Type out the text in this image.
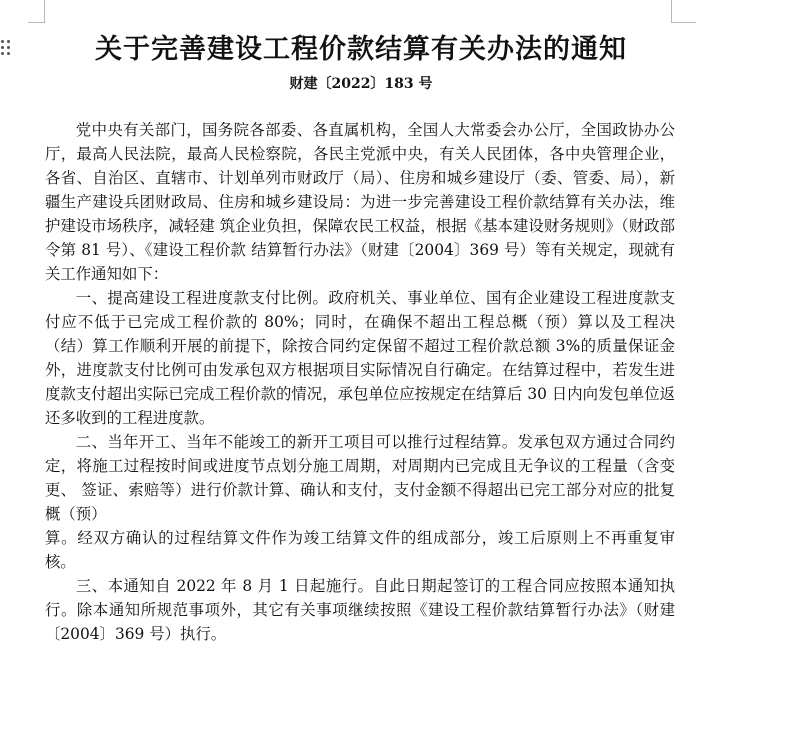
关于完善建设工程价款结算有关办法的通知
财建〔2022〕183 号

党中央有关部门，国务院各部委、各直属机构，全国人大常委会办公厅，全国政协办公厅，最高人民法院，最高人民检察院，各民主党派中央，有关人民团体，各中央管理企业，各省、自治区、直辖市、计划单列市财政厅（局）、住房和城乡建设厅（委、管委、局），新疆生产建设兵团财政局、住房和城乡建设局：为进一步完善建设工程价款结算有关办法，维护建设市场秩序，减轻建 筑企业负担，保障农民工权益，根据《基本建设财务规则》（财政部令第 81 号）、《建设工程价款 结算暂行办法》（财建〔2004〕369 号）等有关规定，现就有关工作通知如下：

一、提高建设工程进度款支付比例。政府机关、事业单位、国有企业建设工程进度款支付应不低于已完成工程价款的 80%；同时，在确保不超出工程总概（预）算以及工程决（结）算工作顺利开展的前提下，除按合同约定保留不超过工程价款总额 3%的质量保证金外，进度款支付比例可由发承包双方根据项目实际情况自行确定。在结算过程中，若发生进度款支付超出实际已完成工程价款的情况，承包单位应按规定在结算后 30 日内向发包单位返还多收到的工程进度款。

二、当年开工、当年不能竣工的新开工项目可以推行过程结算。发承包双方通过合同约定，将施工过程按时间或进度节点划分施工周期，对周期内已完成且无争议的工程量（含变更、 签证、索赔等）进行价款计算、确认和支付，支付金额不得超出已完工部分对应的批复概（预）

算。经双方确认的过程结算文件作为竣工结算文件的组成部分，竣工后原则上不再重复审核。

三、本通知自 2022 年 8 月 1 日起施行。自此日期起签订的工程合同应按照本通知执行。除本通知所规范事项外，其它有关事项继续按照《建设工程价款结算暂行办法》（财建〔2004〕369 号）执行。
